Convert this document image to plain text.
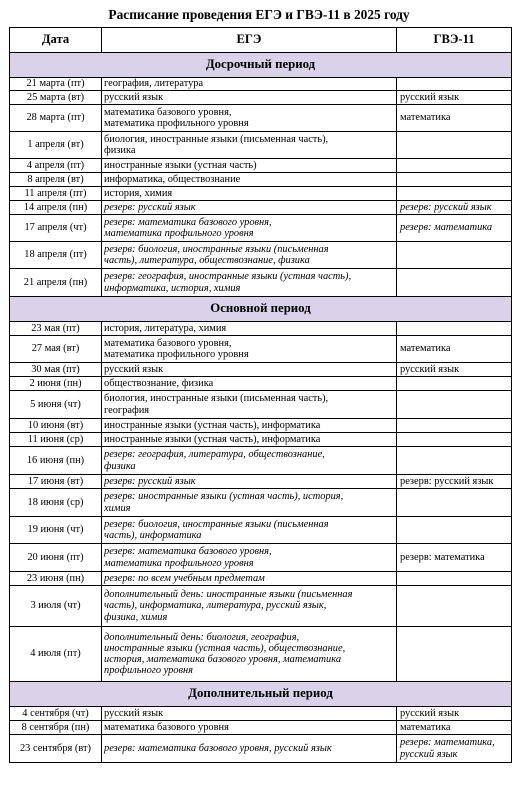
Расписание проведения ЕГЭ и ГВЭ-11 в 2025 году
Дата	ЕГЭ	ГВЭ-11
Досрочный период		
21 марта (пт)	география, литература	
25 марта (вт)	русский язык	русский язык
28 марта (пт)	математика базового уровня,
математика профильного уровня	математика
1 апреля (вт)	биология, иностранные языки (письменная часть),
физика	
4 апреля (пт)	иностранные языки (устная часть)	
8 апреля (вт)	информатика, обществознание	
11 апреля (пт)	история, химия	
14 апреля (пн)	резерв: русский язык	резерв: русский язык
17 апреля (чт)	резерв: математика базового уровня,
математика профильного уровня	резерв: математика
18 апреля (пт)	резерв: биология, иностранные языки (письменная
часть), литература, обществознание, физика	
21 апреля (пн)	резерв: география, иностранные языки (устная часть),
информатика, история, химия	
Основной период		
23 мая (пт)	история, литература, химия	
27 мая (вт)	математика базового уровня,
математика профильного уровня	математика
30 мая (пт)	русский язык	русский язык
2 июня (пн)	обществознание, физика	
5 июня (чт)	биология, иностранные языки (письменная часть),
география	
10 июня (вт)	иностранные языки (устная часть), информатика	
11 июня (ср)	иностранные языки (устная часть), информатика	
16 июня (пн)	резерв: география, литература, обществознание,
физика	
17 июня (вт)	резерв: русский язык	резерв: русский язык
18 июня (ср)	резерв: иностранные языки (устная часть), история,
химия	
19 июня (чт)	резерв: биология, иностранные языки (письменная
часть), информатика	
20 июня (пт)	резерв: математика базового уровня,
математика профильного уровня	резерв: математика
23 июня (пн)	резерв: по всем учебным предметам	
3 июля (чт)	дополнительный день: иностранные языки (письменная
часть), информатика, литература, русский язык,
физика, химия	
4 июля (пт)	дополнительный день: биология, география,
иностранные языки (устная часть), обществознание,
история, математика базового уровня, математика
профильного уровня	
Дополнительный период		
4 сентября (чт)	русский язык	русский язык
8 сентября (пн)	математика базового уровня	математика
23 сентября (вт)	резерв: математика базового уровня, русский язык	резерв: математика,
русский язык
